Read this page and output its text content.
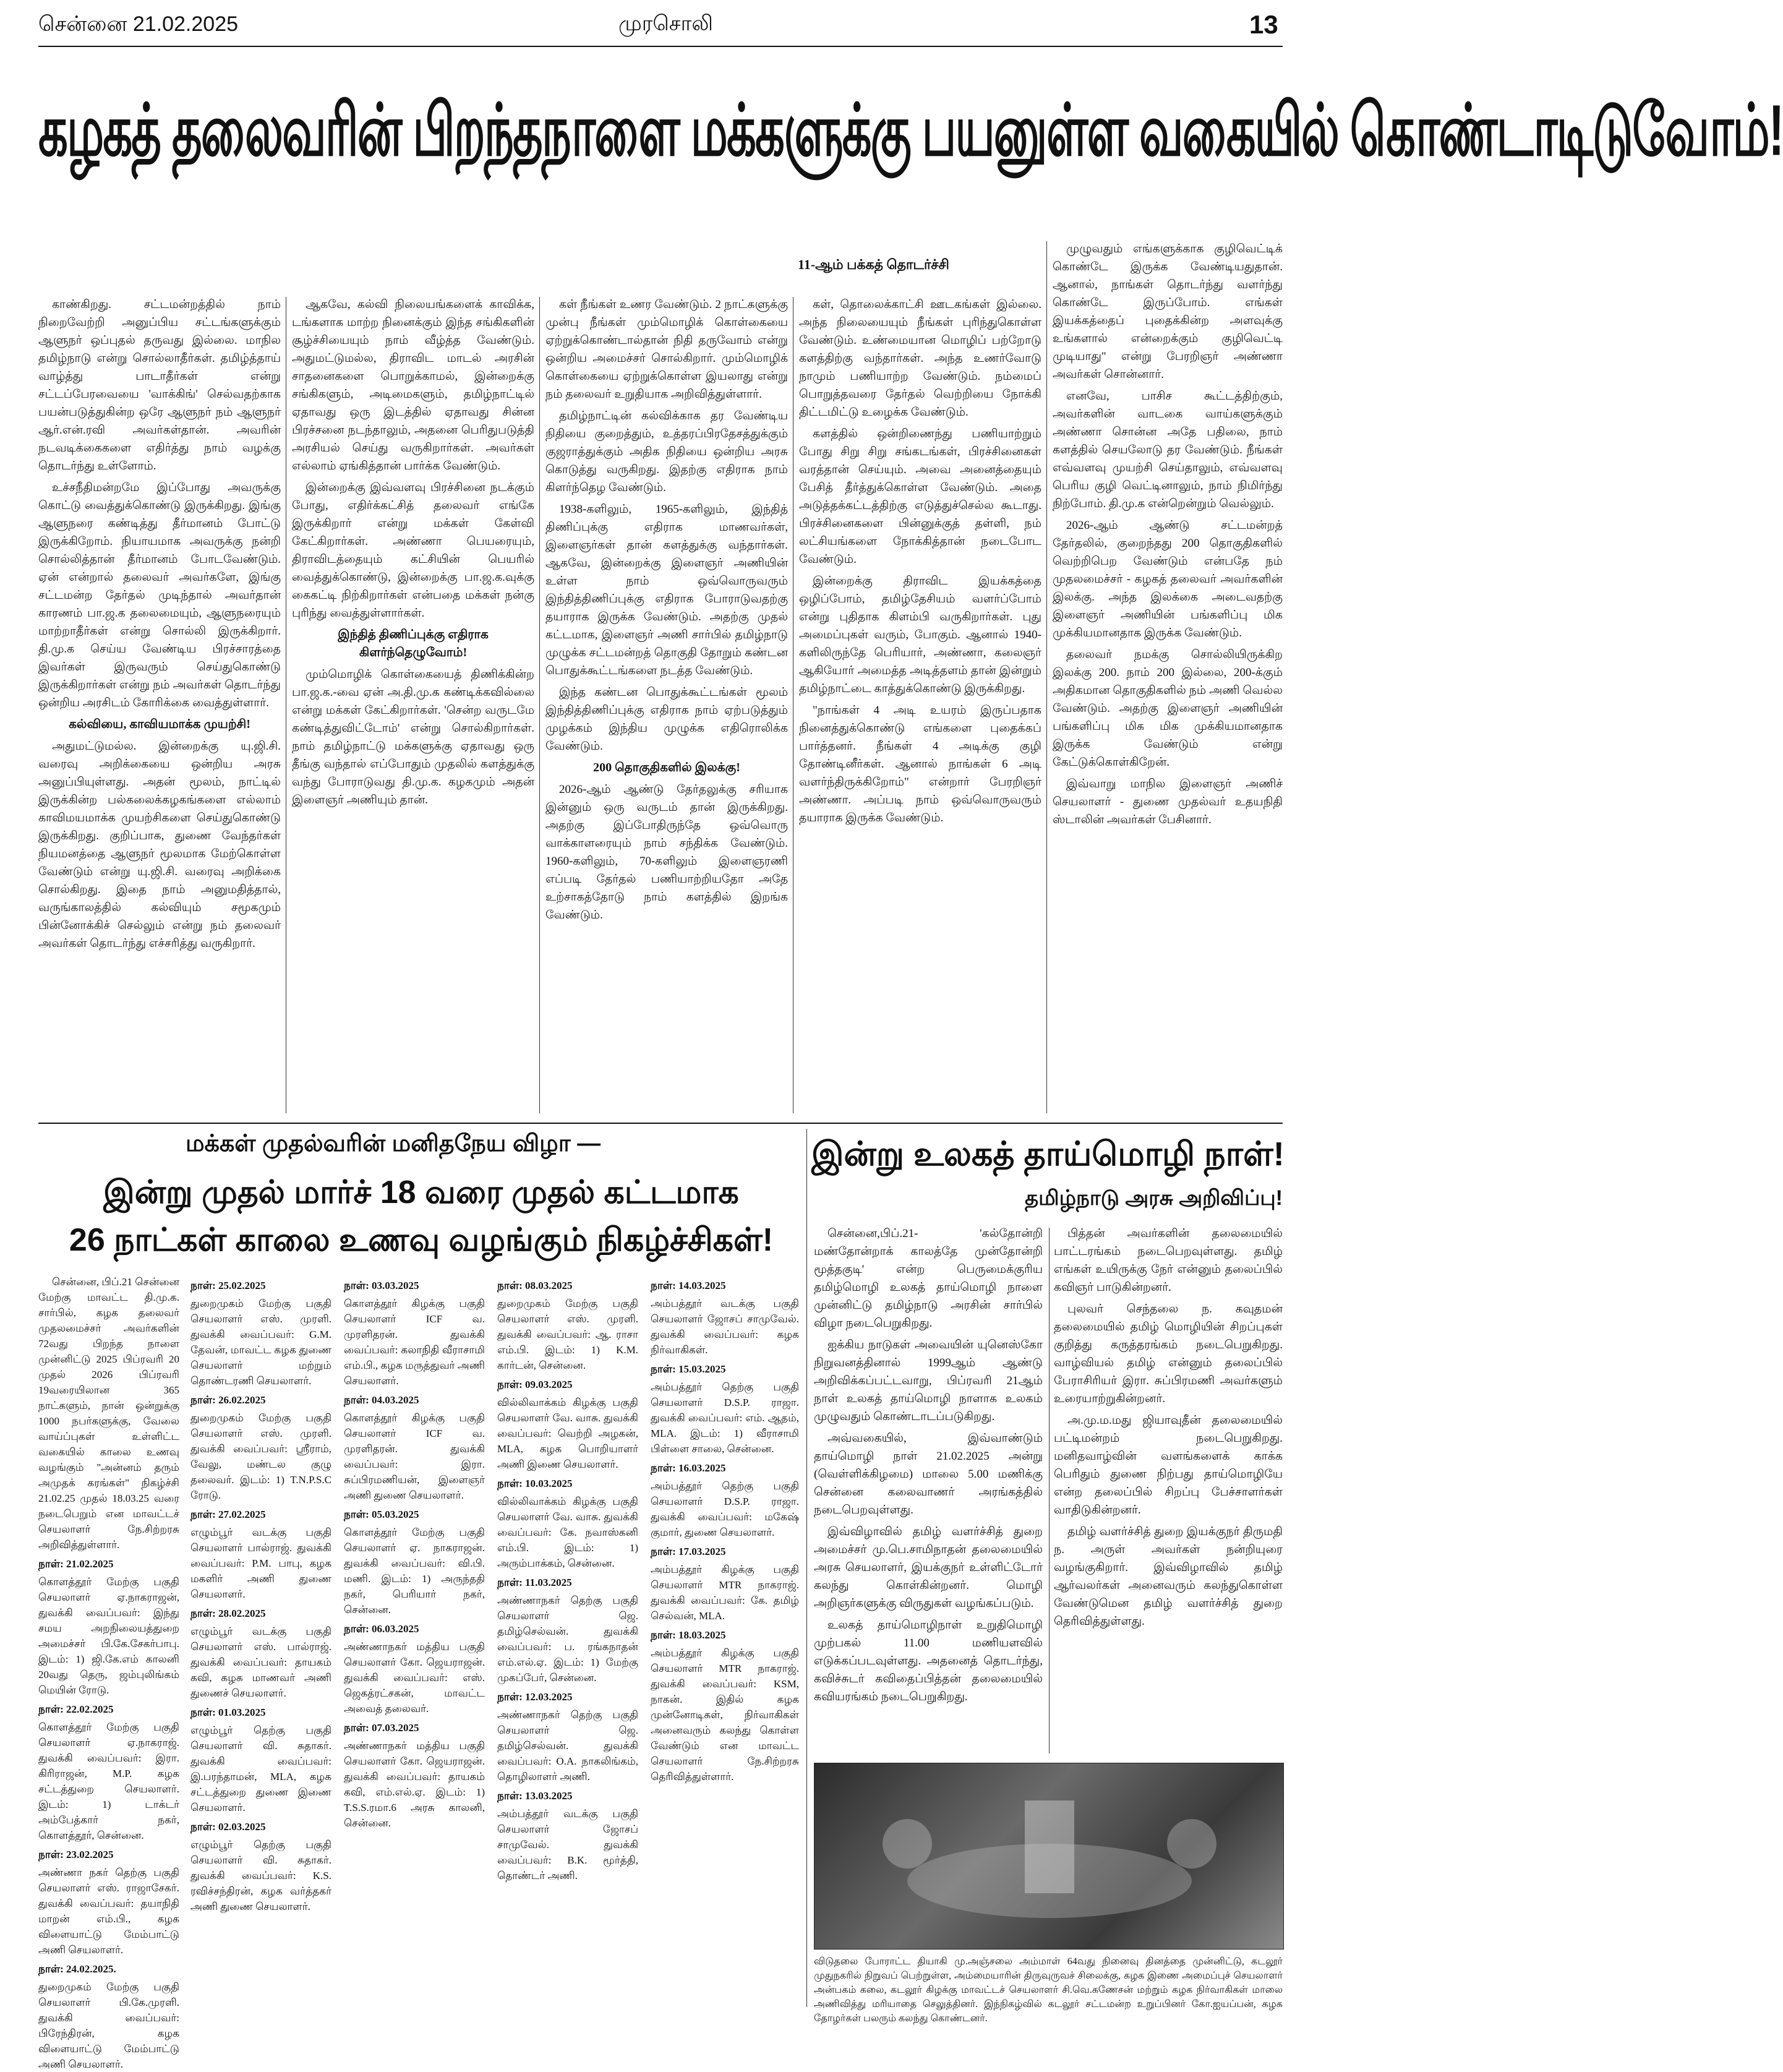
சென்னை 21.02.2025	முரசொலி	13
கழகத் தலைவரின் பிறந்தநாளை மக்களுக்கு பயனுள்ள வகையில் கொண்டாடிடுவோம்!
11-ஆம் பக்கத் தொடர்ச்சி

காண்கிறது. சட்டமன்றத்தில் நாம் நிறைவேற்றி அனுப்பிய சட்டங்களுக்கும் ஆளுநர் ஒப்புதல் தருவது இல்லை. மாநில தமிழ்நாடு என்று சொல்லாதீர்கள். தமிழ்த்தாய் வாழ்த்து பாடாதீர்கள் என்று சட்டப்பேரவையை 'வாக்கிங்' செல்வதற்காக பயன்படுத்துகின்ற ஒரே ஆளுநர் நம் ஆளுநர் ஆர்.என்.ரவி அவர்கள்தான். அவரின் நடவடிக்கைகளை எதிர்த்து நாம் வழக்கு தொடர்ந்து உள்ளோம்.

உச்சநீதிமன்றமே இப்போது அவருக்கு கொட்டு வைத்துக்கொண்டு இருக்கிறது. இங்கு ஆளுநரை கண்டித்து தீர்மானம் போட்டு இருக்கிறோம். நியாயமாக அவருக்கு நன்றி சொல்லித்தான் தீர்மானம் போடவேண்டும். ஏன் என்றால் தலைவர் அவர்களே, இங்கு சட்டமன்ற தேர்தல் முடிந்தால் அவர்தான் காரணம் பா.ஜ.க தலைமையும், ஆளுநரையும் மாற்றாதீர்கள் என்று சொல்லி இருக்கிறார். தி.மு.க செய்ய வேண்டிய பிரச்சாரத்தை இவர்கள் இருவரும் செய்துகொண்டு இருக்கிறார்கள் என்று நம் அவர்கள் தொடர்ந்து ஒன்றிய அரசிடம் கோரிக்கை வைத்துள்ளார்.

கல்வியை, காவியமாக்க முயற்சி!

அதுமட்டுமல்ல. இன்றைக்கு யு.ஜி.சி. வரைவு அறிக்கையை ஒன்றிய அரசு அனுப்பியுள்ளது. அதன் மூலம், நாட்டில் இருக்கின்ற பல்கலைக்கழகங்களை எல்லாம் காவிமயமாக்க முயற்சிகளை செய்துகொண்டு இருக்கிறது. குறிப்பாக, துணை வேந்தர்கள் நியமனத்தை ஆளுநர் மூலமாக மேற்கொள்ள வேண்டும் என்று யு.ஜி.சி. வரைவு அறிக்கை சொல்கிறது. இதை நாம் அனுமதித்தால், வருங்காலத்தில் கல்வியும் சமூகமும் பின்னோக்கிச் செல்லும் என்று நம் தலைவர் அவர்கள் தொடர்ந்து எச்சரித்து வருகிறார்.

ஆகவே, கல்வி நிலையங்களைக் காவிக்க, டங்களாக மாற்ற நினைக்கும் இந்த சங்கிகளின் சூழ்ச்சியையும் நாம் வீழ்த்த வேண்டும். அதுமட்டுமல்ல, திராவிட மாடல் அரசின் சாதனைகளை பொறுக்காமல், இன்றைக்கு சங்கிகளும், அடிமைகளும், தமிழ்நாட்டில் ஏதாவது ஒரு இடத்தில் ஏதாவது சின்ன பிரச்சனை நடந்தாலும், அதனை பெரிதுபடுத்தி அரசியல் செய்து வருகிறார்கள். அவர்கள் எல்லாம் ஏங்கித்தான் பார்க்க வேண்டும்.

இன்றைக்கு இவ்வளவு பிரச்சினை நடக்கும் போது, எதிர்க்கட்சித் தலைவர் எங்கே இருக்கிறார் என்று மக்கள் கேள்வி கேட்கிறார்கள். அண்ணா பெயரையும், திராவிடத்தையும் கட்சியின் பெயரில் வைத்துக்கொண்டு, இன்றைக்கு பா.ஜ.க.வுக்கு கைகட்டி நிற்கிறார்கள் என்பதை மக்கள் நன்கு புரிந்து வைத்துள்ளார்கள்.

இந்தித் திணிப்புக்கு எதிராக கிளர்ந்தெழுவோம்!

மும்மொழிக் கொள்கையைத் திணிக்கின்ற பா.ஜ.க.-வை ஏன் அ.தி.மு.க கண்டிக்கவில்லை என்று மக்கள் கேட்கிறார்கள். 'சென்ற வருடமே கண்டித்துவிட்டோம்' என்று சொல்கிறார்கள். நாம் தமிழ்நாட்டு மக்களுக்கு ஏதாவது ஒரு தீங்கு வந்தால் எப்போதும் முதலில் களத்துக்கு வந்து போராடுவது தி.மு.க. கழகமும் அதன் இளைஞர் அணியும் தான்.

கள் நீங்கள் உணர வேண்டும். 2 நாட்களுக்கு முன்பு நீங்கள் மும்மொழிக் கொள்கையை ஏற்றுக்கொண்டால்தான் நிதி தருவோம் என்று ஒன்றிய அமைச்சர் சொல்கிறார். மும்மொழிக் கொள்கையை ஏற்றுக்கொள்ள இயலாது என்று நம் தலைவர் உறுதியாக அறிவித்துள்ளார்.

தமிழ்நாட்டின் கல்விக்காக தர வேண்டிய நிதியை குறைத்தும், உத்தரப்பிரதேசத்துக்கும் குஜராத்துக்கும் அதிக நிதியை ஒன்றிய அரசு கொடுத்து வருகிறது. இதற்கு எதிராக நாம் கிளர்ந்தெழ வேண்டும்.

1938-களிலும், 1965-களிலும், இந்தித் திணிப்புக்கு எதிராக மாணவர்கள், இளைஞர்கள் தான் களத்துக்கு வந்தார்கள். ஆகவே, இன்றைக்கு இளைஞர் அணியின் உள்ள நாம் ஒவ்வொருவரும் இந்தித்திணிப்புக்கு எதிராக போராடுவதற்கு தயாராக இருக்க வேண்டும். அதற்கு முதல் கட்டமாக, இளைஞர் அணி சார்பில் தமிழ்நாடு முழுக்க சட்டமன்றத் தொகுதி தோறும் கண்டன பொதுக்கூட்டங்களை நடத்த வேண்டும்.

இந்த கண்டன பொதுக்கூட்டங்கள் மூலம் இந்தித்திணிப்புக்கு எதிராக நாம் ஏற்படுத்தும் முழக்கம் இந்திய முழுக்க எதிரொலிக்க வேண்டும்.

200 தொகுதிகளில் இலக்கு!

2026-ஆம் ஆண்டு தேர்தலுக்கு சரியாக இன்னும் ஒரு வருடம் தான் இருக்கிறது. அதற்கு இப்போதிருந்தே ஒவ்வொரு வாக்காளரையும் நாம் சந்திக்க வேண்டும். 1960-களிலும், 70-களிலும் இளைஞரணி எப்படி தேர்தல் பணியாற்றியதோ அதே உற்சாகத்தோடு நாம் களத்தில் இறங்க வேண்டும்.

கள், தொலைக்காட்சி ஊடகங்கள் இல்லை. அந்த நிலையையும் நீங்கள் புரிந்துகொள்ள வேண்டும். உண்மையான மொழிப் பற்றோடு களத்திற்கு வந்தார்கள். அந்த உணர்வோடு நாமும் பணியாற்ற வேண்டும். நம்மைப் பொறுத்தவரை தேர்தல் வெற்றியை நோக்கி திட்டமிட்டு உழைக்க வேண்டும்.

களத்தில் ஒன்றிணைந்து பணியாற்றும் போது சிறு சிறு சங்கடங்கள், பிரச்சினைகள் வரத்தான் செய்யும். அவை அனைத்தையும் பேசித் தீர்த்துக்கொள்ள வேண்டும். அதை அடுத்தக்கட்டத்திற்கு எடுத்துச்செல்ல கூடாது. பிரச்சினைகளை பின்னுக்குத் தள்ளி, நம் லட்சியங்களை நோக்கித்தான் நடைபோட வேண்டும்.

இன்றைக்கு திராவிட இயக்கத்தை ஒழிப்போம், தமிழ்தேசியம் வளர்ப்போம் என்று புதிதாக கிளம்பி வருகிறார்கள். புது அமைப்புகள் வரும், போகும். ஆனால் 1940-களிலிருந்தே பெரியார், அண்ணா, கலைஞர் ஆகியோர் அமைத்த அடித்தளம் தான் இன்றும் தமிழ்நாட்டை காத்துக்கொண்டு இருக்கிறது.

"நாங்கள் 4 அடி உயரம் இருப்பதாக நினைத்துக்கொண்டு எங்களை புதைக்கப் பார்த்தனர். நீங்கள் 4 அடிக்கு குழி தோண்டினீர்கள். ஆனால் நாங்கள் 6 அடி வளர்ந்திருக்கிறோம்" என்றார் பேரறிஞர் அண்ணா. அப்படி நாம் ஒவ்வொருவரும் தயாராக இருக்க வேண்டும்.

முழுவதும் எங்களுக்காக குழிவெட்டிக் கொண்டே இருக்க வேண்டியதுதான். ஆனால், நாங்கள் தொடர்ந்து வளர்ந்து கொண்டே இருப்போம். எங்கள் இயக்கத்தைப் புதைக்கின்ற அளவுக்கு உங்களால் என்றைக்கும் குழிவெட்டி முடியாது" என்று பேரறிஞர் அண்ணா அவர்கள் சொன்னார்.

எனவே, பாசிச கூட்டத்திற்கும், அவர்களின் வாடகை வாய்களுக்கும் அண்ணா சொன்ன அதே பதிலை, நாம் களத்தில் செயலோடு தர வேண்டும். நீங்கள் எவ்வளவு முயற்சி செய்தாலும், எவ்வளவு பெரிய குழி வெட்டினாலும், நாம் நிமிர்ந்து நிற்போம். தி.மு.க என்றென்றும் வெல்லும்.

2026-ஆம் ஆண்டு சட்டமன்றத் தேர்தலில், குறைந்தது 200 தொகுதிகளில் வெற்றிபெற வேண்டும் என்பதே நம் முதலமைச்சர் - கழகத் தலைவர் அவர்களின் இலக்கு. அந்த இலக்கை அடைவதற்கு இளைஞர் அணியின் பங்களிப்பு மிக முக்கியமானதாக இருக்க வேண்டும்.

தலைவர் நமக்கு சொல்லியிருக்கிற இலக்கு 200. நாம் 200 இல்லை, 200-க்கும் அதிகமான தொகுதிகளில் நம் அணி வெல்ல வேண்டும். அதற்கு இளைஞர் அணியின் பங்களிப்பு மிக மிக முக்கியமானதாக இருக்க வேண்டும் என்று கேட்டுக்கொள்கிறேன்.

இவ்வாறு மாநில இளைஞர் அணிச் செயலாளர் - துணை முதல்வர் உதயநிதி ஸ்டாலின் அவர்கள் பேசினார்.

மக்கள் முதல்வரின் மனிதநேய விழா —
இன்று முதல் மார்ச் 18 வரை முதல் கட்டமாக
26 நாட்கள் காலை உணவு வழங்கும் நிகழ்ச்சிகள்!

சென்னை, பிப்.21 சென்னை மேற்கு மாவட்ட தி.மு.க. சார்பில், கழக தலைவர் முதலமைச்சர் அவர்களின் 72வது பிறந்த நாளை முன்னிட்டு 2025 பிப்ரவரி 20 முதல் 2026 பிப்ரவரி 19வரையிலான 365 நாட்களும், நான் ஒன்றுக்கு 1000 நபர்களுக்கு, வேலை வாய்ப்புகள் உள்ளிட்ட வகையில் காலை உணவு வழங்கும் "அன்னம் தரும் அமுதக் கரங்கள்" நிகழ்ச்சி 21.02.25 முதல் 18.03.25 வரை நடைபெறும் என மாவட்டச் செயலாளர் நே.சிற்றரசு அறிவித்துள்ளார்.

நாள்: 21.02.2025

கொளத்தூர் மேற்கு பகுதி செயலாளர் ஏ.நாகராஜன், துவக்கி வைப்பவர்: இந்து சமய அறநிலையத்துறை அமைச்சர் பி.கே.சேகர்பாபு. இடம்: 1) ஜி.கே.எம் காலனி 20வது தெரு, ஜம்புலிங்கம் மெயின் ரோடு.

நாள்: 22.02.2025

கொளத்தூர் மேற்கு பகுதி செயலாளர் ஏ.நாகராஜ். துவக்கி வைப்பவர்: இரா. கிரிராஜன், M.P. கழக சட்டத்துறை செயலாளர். இடம்: 1) டாக்டர் அம்பேத்கார் நகர், கொளத்தூர், சென்னை.

நாள்: 23.02.2025

அண்ணா நகர் தெற்கு பகுதி செயலாளர் எஸ். ராஜாசேகர். துவக்கி வைப்பவர்: தயாநிதி மாறன் எம்.பி., கழக விளையாட்டு மேம்பாட்டு அணி செயலாளர்.

நாள்: 24.02.2025.

துறைமுகம் மேற்கு பகுதி செயலாளர் பி.கே.முரளி. துவக்கி வைப்பவர்: பிரேந்திரன், கழக விளையாட்டு மேம்பாட்டு அணி செயலாளர்.

நாள்: 25.02.2025

துறைமுகம் மேற்கு பகுதி செயலாளர் எஸ். முரளி. துவக்கி வைப்பவர்: G.M. தேவன், மாவட்ட கழக துணை செயலாளர் மற்றும் தொண்டரணி செயலாளர்.

நாள்: 26.02.2025

துறைமுகம் மேற்கு பகுதி செயலாளர் எஸ். முரளி. துவக்கி வைப்பவர்: ஸ்ரீராம், வேலு, மண்டல குழு தலைவர். இடம்: 1) T.N.P.S.C ரோடு.

நாள்: 27.02.2025

எழும்பூர் வடக்கு பகுதி செயலாளர் பால்ராஜ். துவக்கி வைப்பவர்: P.M. பாபு, கழக மகளிர் அணி துணை செயலாளர்.

நாள்: 28.02.2025

எழும்பூர் வடக்கு பகுதி செயலாளர் எஸ். பால்ராஜ். துவக்கி வைப்பவர்: தாயகம் கவி, கழக மாணவர் அணி துணைச் செயலாளர்.

நாள்: 01.03.2025

எழும்பூர் தெற்கு பகுதி செயலாளர் வி. சுதாகர். துவக்கி வைப்பவர்: இ.பரந்தாமன், MLA, கழக சட்டத்துறை துணை இணை செயலாளர்.

நாள்: 02.03.2025

எழும்பூர் தெற்கு பகுதி செயலாளர் வி. சுதாகர். துவக்கி வைப்பவர்: K.S. ரவிச்சந்திரன், கழக வர்த்தகர் அணி துணை செயலாளர்.

நாள்: 03.03.2025

கொளத்தூர் கிழக்கு பகுதி செயலாளர் ICF வ. முரளிதரன். துவக்கி வைப்பவர்: கலாநிதி வீராசாமி எம்.பி., கழக மருத்துவர் அணி செயலாளர்.

நாள்: 04.03.2025

கொளத்தூர் கிழக்கு பகுதி செயலாளர் ICF வ. முரளிதரன். துவக்கி வைப்பவர்: இரா. சுப்பிரமணியன், இளைஞர் அணி துணை செயலாளர்.

நாள்: 05.03.2025

கொளத்தூர் மேற்கு பகுதி செயலாளர் ஏ. நாகராஜன். துவக்கி வைப்பவர்: வி.பி. மணி. இடம்: 1) அருந்ததி நகர், பெரியார் நகர், சென்னை.

நாள்: 06.03.2025

அண்ணாநகர் மத்திய பகுதி செயலாளர் கோ. ஜெயராஜன். துவக்கி வைப்பவர்: எஸ். ஜெகத்ரட்சகன், மாவட்ட அவைத் தலைவர்.

நாள்: 07.03.2025

அண்ணாநகர் மத்திய பகுதி செயலாளர் கோ. ஜெயராஜன். துவக்கி வைப்பவர்: தாயகம் கவி, எம்.எல்.ஏ. இடம்: 1) T.S.S.ரமா.6 அரசு காலனி, சென்னை.

நாள்: 08.03.2025

துறைமுகம் மேற்கு பகுதி செயலாளர் எஸ். முரளி. துவக்கி வைப்பவர்: ஆ. ராசா எம்.பி. இடம்: 1) K.M. கார்டன், சென்னை.

நாள்: 09.03.2025

வில்லிவாக்கம் கிழக்கு பகுதி செயலாளர் வே. வாசு. துவக்கி வைப்பவர்: வெற்றி அழகன், MLA, கழக பொறியாளர் அணி இணை செயலாளர்.

நாள்: 10.03.2025

வில்லிவாக்கம் கிழக்கு பகுதி செயலாளர் வே. வாசு. துவக்கி வைப்பவர்: கே. நவாஸ்கனி எம்.பி. இடம்: 1) அரும்பாக்கம், சென்னை.

நாள்: 11.03.2025

அண்ணாநகர் தெற்கு பகுதி செயலாளர் ஜெ. தமிழ்செல்வன். துவக்கி வைப்பவர்: ப. ரங்கநாதன் எம்.எல்.ஏ. இடம்: 1) மேற்கு முகப்பேர், சென்னை.

நாள்: 12.03.2025

அண்ணாநகர் தெற்கு பகுதி செயலாளர் ஜெ. தமிழ்செல்வன். துவக்கி வைப்பவர்: O.A. நாகலிங்கம், தொழிலாளர் அணி.

நாள்: 13.03.2025

அம்பத்தூர் வடக்கு பகுதி செயலாளர் ஜோசப் சாமுவேல். துவக்கி வைப்பவர்: B.K. மூர்த்தி, தொண்டர் அணி.

நாள்: 14.03.2025

அம்பத்தூர் வடக்கு பகுதி செயலாளர் ஜோசப் சாமுவேல். துவக்கி வைப்பவர்: கழக நிர்வாகிகள்.

நாள்: 15.03.2025

அம்பத்தூர் தெற்கு பகுதி செயலாளர் D.S.P. ராஜா. துவக்கி வைப்பவர்: எம். ஆதம், MLA. இடம்: 1) வீராசாமி பிள்ளை சாலை, சென்னை.

நாள்: 16.03.2025

அம்பத்தூர் தெற்கு பகுதி செயலாளர் D.S.P. ராஜா. துவக்கி வைப்பவர்: மகேஷ் குமார், துணை செயலாளர்.

நாள்: 17.03.2025

அம்பத்தூர் கிழக்கு பகுதி செயலாளர் MTR நாகராஜ். துவக்கி வைப்பவர்: கே. தமிழ் செல்வன், MLA.

நாள்: 18.03.2025

அம்பத்தூர் கிழக்கு பகுதி செயலாளர் MTR நாகராஜ். துவக்கி வைப்பவர்: KSM, நாகன். இதில் கழக முன்னோடிகள், நிர்வாகிகள் அனைவரும் கலந்து கொள்ள வேண்டும் என மாவட்ட செயலாளர் நே.சிற்றரசு தெரிவித்துள்ளார்.

இன்று உலகத் தாய்மொழி நாள்!
தமிழ்நாடு அரசு அறிவிப்பு!

சென்னை,பிப்.21- 'கல்தோன்றி மண்தோன்றாக் காலத்தே முன்தோன்றி மூத்தகுடி' என்ற பெருமைக்குரிய தமிழ்மொழி உலகத் தாய்மொழி நாளை முன்னிட்டு தமிழ்நாடு அரசின் சார்பில் விழா நடைபெறுகிறது.

ஐக்கிய நாடுகள் அவையின் யுனெஸ்கோ நிறுவனத்தினால் 1999ஆம் ஆண்டு அறிவிக்கப்பட்டவாறு, பிப்ரவரி 21ஆம் நாள் உலகத் தாய்மொழி நாளாக உலகம் முழுவதும் கொண்டாடப்படுகிறது.

அவ்வகையில், இவ்வாண்டும் தாய்மொழி நாள் 21.02.2025 அன்று (வெள்ளிக்கிழமை) மாலை 5.00 மணிக்கு சென்னை கலைவாணர் அரங்கத்தில் நடைபெறவுள்ளது.

இவ்விழாவில் தமிழ் வளர்ச்சித் துறை அமைச்சர் மு.பெ.சாமிநாதன் தலைமையில் அரசு செயலாளர், இயக்குநர் உள்ளிட்டோர் கலந்து கொள்கின்றனர். மொழி அறிஞர்களுக்கு விருதுகள் வழங்கப்படும்.

உலகத் தாய்மொழிநாள் உறுதிமொழி முற்பகல் 11.00 மணியளவில் எடுக்கப்படவுள்ளது. அதனைத் தொடர்ந்து, கவிச்சுடர் கவிதைப்பித்தன் தலைமையில் கவியரங்கம் நடைபெறுகிறது.

பித்தன் அவர்களின் தலைமையில் பாட்டரங்கம் நடைபெறவுள்ளது. தமிழ் எங்கள் உயிருக்கு நேர் என்னும் தலைப்பில் கவிஞர் பாடுகின்றனர்.

புலவர் செந்தலை ந. கவுதமன் தலைமையில் தமிழ் மொழியின் சிறப்புகள் குறித்து கருத்தரங்கம் நடைபெறுகிறது. வாழ்வியல் தமிழ் என்னும் தலைப்பில் பேராசிரியர் இரா. சுப்பிரமணி அவர்களும் உரையாற்றுகின்றனர்.

அ.மு.ம.மது ஜியாவுதீன் தலைமையில் பட்டிமன்றம் நடைபெறுகிறது. மனிதவாழ்வின் வளங்களைக் காக்க பெரிதும் துணை நிற்பது தாய்மொழியே என்ற தலைப்பில் சிறப்பு பேச்சாளர்கள் வாதிடுகின்றனர்.

தமிழ் வளர்ச்சித் துறை இயக்குநர் திருமதி ந. அருள் அவர்கள் நன்றியுரை வழங்குகிறார். இவ்விழாவில் தமிழ் ஆர்வலர்கள் அனைவரும் கலந்துகொள்ள வேண்டுமென தமிழ் வளர்ச்சித் துறை தெரிவித்துள்ளது.

விடுதலை போராட்ட தியாகி மு.அஞ்சலை அம்மாள் 64வது நினைவு தினத்தை முன்னிட்டு, கடலூர் முதுநகரில் நிறுவப் பெற்றுள்ள, அம்மையாரின் திருவுருவச் சிலைக்கு, கழக இணை அமைப்புச் செயலாளர் அன்பகம் கலை, கடலூர் கிழக்கு மாவட்டச் செயலாளர் சி.வெ.கணேசன் மற்றும் கழக நிர்வாகிகள் மாலை அணிவித்து மரியாதை செலுத்தினர். இந்நிகழ்வில் கடலூர் சட்டமன்ற உறுப்பினர் கோ.ஐயப்பன், கழக தோழர்கள் பலரும் கலந்து கொண்டனர்.
